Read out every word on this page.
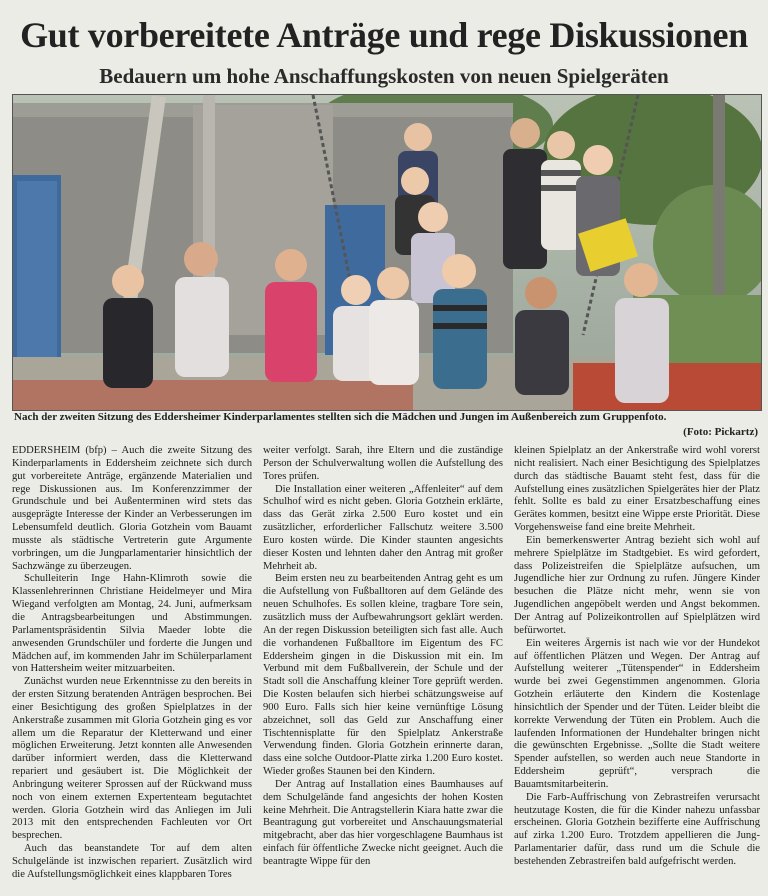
Gut vorbereitete Anträge und rege Diskussionen
Bedauern um hohe Anschaffungskosten von neuen Spielgeräten
Nach der zweiten Sitzung des Eddersheimer Kinderparlamentes stellten sich die Mädchen und Jungen im Außenbereich zum Gruppenfoto.
(Foto: Pickartz)

EDDERSHEIM (bfp) – Auch die zweite Sitzung des Kinderparlaments in Eddersheim zeichnete sich durch gut vorbereitete Anträge, ergänzende Materialien und rege Diskussionen aus. Im Konferenzzimmer der Grundschule und bei Außenterminen wird stets das ausgeprägte Interesse der Kinder an Verbesserungen im Lebensumfeld deutlich. Gloria Gotzhein vom Bauamt musste als städtische Vertreterin gute Argumente vorbringen, um die Jungparlamentarier hinsichtlich der Sachzwänge zu überzeugen.

Schulleiterin Inge Hahn-Klimroth sowie die Klassenlehrerinnen Christiane Heidelmeyer und Mira Wiegand verfolgten am Montag, 24. Juni, aufmerksam die Antragsbearbeitungen und Abstimmungen. Parlamentspräsidentin Silvia Maeder lobte die anwesenden Grundschüler und forderte die Jungen und Mädchen auf, im kommenden Jahr im Schülerparlament von Hattersheim weiter mitzuarbeiten.

Zunächst wurden neue Erkenntnisse zu den bereits in der ersten Sitzung beratenden Anträgen besprochen. Bei einer Besichtigung des großen Spielplatzes in der Ankerstraße zusammen mit Gloria Gotzhein ging es vor allem um die Reparatur der Kletterwand und einer möglichen Erweiterung. Jetzt konnten alle Anwesenden darüber informiert werden, dass die Kletterwand repariert und gesäubert ist. Die Möglichkeit der Anbringung weiterer Sprossen auf der Rückwand muss noch von einem externen Expertenteam begutachtet werden. Gloria Gotzhein wird das Anliegen im Juli 2013 mit den entsprechenden Fachleuten vor Ort besprechen.

Auch das beanstandete Tor auf dem alten Schulgelände ist inzwischen repariert. Zusätzlich wird die Aufstellungsmöglichkeit eines klappbaren Tores

weiter verfolgt. Sarah, ihre Eltern und die zuständige Person der Schulverwaltung wollen die Aufstellung des Tores prüfen.

Die Installation einer weiteren „Affenleiter“ auf dem Schulhof wird es nicht geben. Gloria Gotzhein erklärte, dass das Gerät zirka 2.500 Euro kostet und ein zusätzlicher, erforderlicher Fallschutz weitere 3.500 Euro kosten würde. Die Kinder staunten angesichts dieser Kosten und lehnten daher den Antrag mit großer Mehrheit ab.

Beim ersten neu zu bearbeitenden Antrag geht es um die Aufstellung von Fußballtoren auf dem Gelände des neuen Schulhofes. Es sollen kleine, tragbare Tore sein, zusätzlich muss der Aufbewahrungsort geklärt werden. An der regen Diskussion beteiligten sich fast alle. Auch die vorhandenen Fußballtore im Eigentum des FC Eddersheim gingen in die Diskussion mit ein. Im Verbund mit dem Fußballverein, der Schule und der Stadt soll die Anschaffung kleiner Tore geprüft werden. Die Kosten belaufen sich hierbei schätzungsweise auf 900 Euro. Falls sich hier keine vernünftige Lösung abzeichnet, soll das Geld zur Anschaffung einer Tischtennisplatte für den Spielplatz Ankerstraße Verwendung finden. Gloria Gotzhein erinnerte daran, dass eine solche Outdoor-Platte zirka 1.200 Euro kostet. Wieder großes Staunen bei den Kindern.

Der Antrag auf Installation eines Baumhauses auf dem Schulgelände fand angesichts der hohen Kosten keine Mehrheit. Die Antragstellerin Kiara hatte zwar die Beantragung gut vorbereitet und Anschauungsmaterial mitgebracht, aber das hier vorgeschlagene Baumhaus ist einfach für öffentliche Zwecke nicht geeignet. Auch die beantragte Wippe für den

kleinen Spielplatz an der Ankerstraße wird wohl vorerst nicht realisiert. Nach einer Besichtigung des Spielplatzes durch das städtische Bauamt steht fest, dass für die Aufstellung eines zusätzlichen Spielgerätes hier der Platz fehlt. Sollte es bald zu einer Ersatzbeschaffung eines Gerätes kommen, besitzt eine Wippe erste Priorität. Diese Vorgehensweise fand eine breite Mehrheit.

Ein bemerkenswerter Antrag bezieht sich wohl auf mehrere Spielplätze im Stadtgebiet. Es wird gefordert, dass Polizeistreifen die Spielplätze aufsuchen, um Jugendliche hier zur Ordnung zu rufen. Jüngere Kinder besuchen die Plätze nicht mehr, wenn sie von Jugendlichen angepöbelt werden und Angst bekommen. Der Antrag auf Polizeikontrollen auf Spielplätzen wird befürwortet.

Ein weiteres Ärgernis ist nach wie vor der Hundekot auf öffentlichen Plätzen und Wegen. Der Antrag auf Aufstellung weiterer „Tütenspender“ in Eddersheim wurde bei zwei Gegenstimmen angenommen. Gloria Gotzhein erläuterte den Kindern die Kostenlage hinsichtlich der Spender und der Tüten. Leider bleibt die korrekte Verwendung der Tüten ein Problem. Auch die laufenden Informationen der Hundehalter bringen nicht die gewünschten Ergebnisse. „Sollte die Stadt weitere Spender aufstellen, so werden auch neue Standorte in Eddersheim geprüft“, versprach die Bauamtsmitarbeiterin.

Die Farb-Auffrischung von Zebrastreifen verursacht heutzutage Kosten, die für die Kinder nahezu unfassbar erscheinen. Gloria Gotzhein bezifferte eine Auffrischung auf zirka 1.200 Euro. Trotzdem appellieren die Jung-Parlamentarier dafür, dass rund um die Schule die bestehenden Zebrastreifen bald aufgefrischt werden.
